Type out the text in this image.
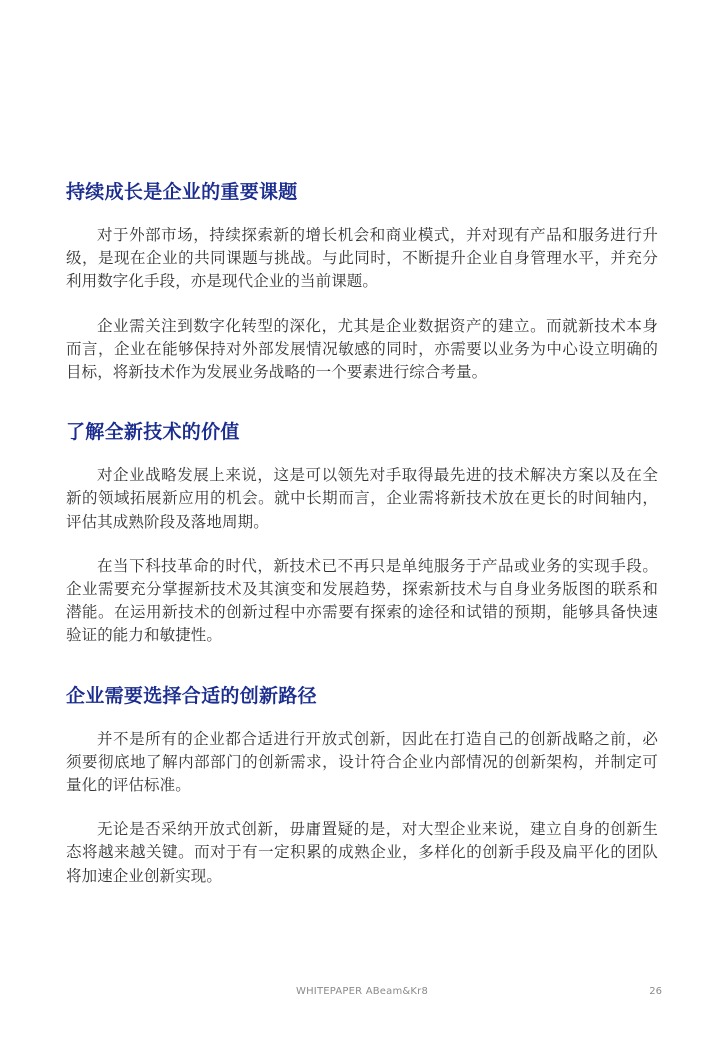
持续成长是企业的重要课题

对于外部市场，持续探索新的增长机会和商业模式，并对现有产品和服务进行升级，是现在企业的共同课题与挑战。与此同时，不断提升企业自身管理水平，并充分利用数字化手段，亦是现代企业的当前课题。

企业需关注到数字化转型的深化，尤其是企业数据资产的建立。而就新技术本身而言，企业在能够保持对外部发展情况敏感的同时，亦需要以业务为中心设立明确的目标，将新技术作为发展业务战略的一个要素进行综合考量。

了解全新技术的价值

对企业战略发展上来说，这是可以领先对手取得最先进的技术解决方案以及在全新的领域拓展新应用的机会。就中长期而言，企业需将新技术放在更长的时间轴内，评估其成熟阶段及落地周期。

在当下科技革命的时代，新技术已不再只是单纯服务于产品或业务的实现手段。企业需要充分掌握新技术及其演变和发展趋势，探索新技术与自身业务版图的联系和潜能。在运用新技术的创新过程中亦需要有探索的途径和试错的预期，能够具备快速验证的能力和敏捷性。

企业需要选择合适的创新路径

并不是所有的企业都合适进行开放式创新，因此在打造自己的创新战略之前，必须要彻底地了解内部部门的创新需求，设计符合企业内部情况的创新架构，并制定可量化的评估标准。

无论是否采纳开放式创新，毋庸置疑的是，对大型企业来说，建立自身的创新生态将越来越关键。而对于有一定积累的成熟企业，多样化的创新手段及扁平化的团队将加速企业创新实现。

WHITEPAPER ABeam&Kr8	26
